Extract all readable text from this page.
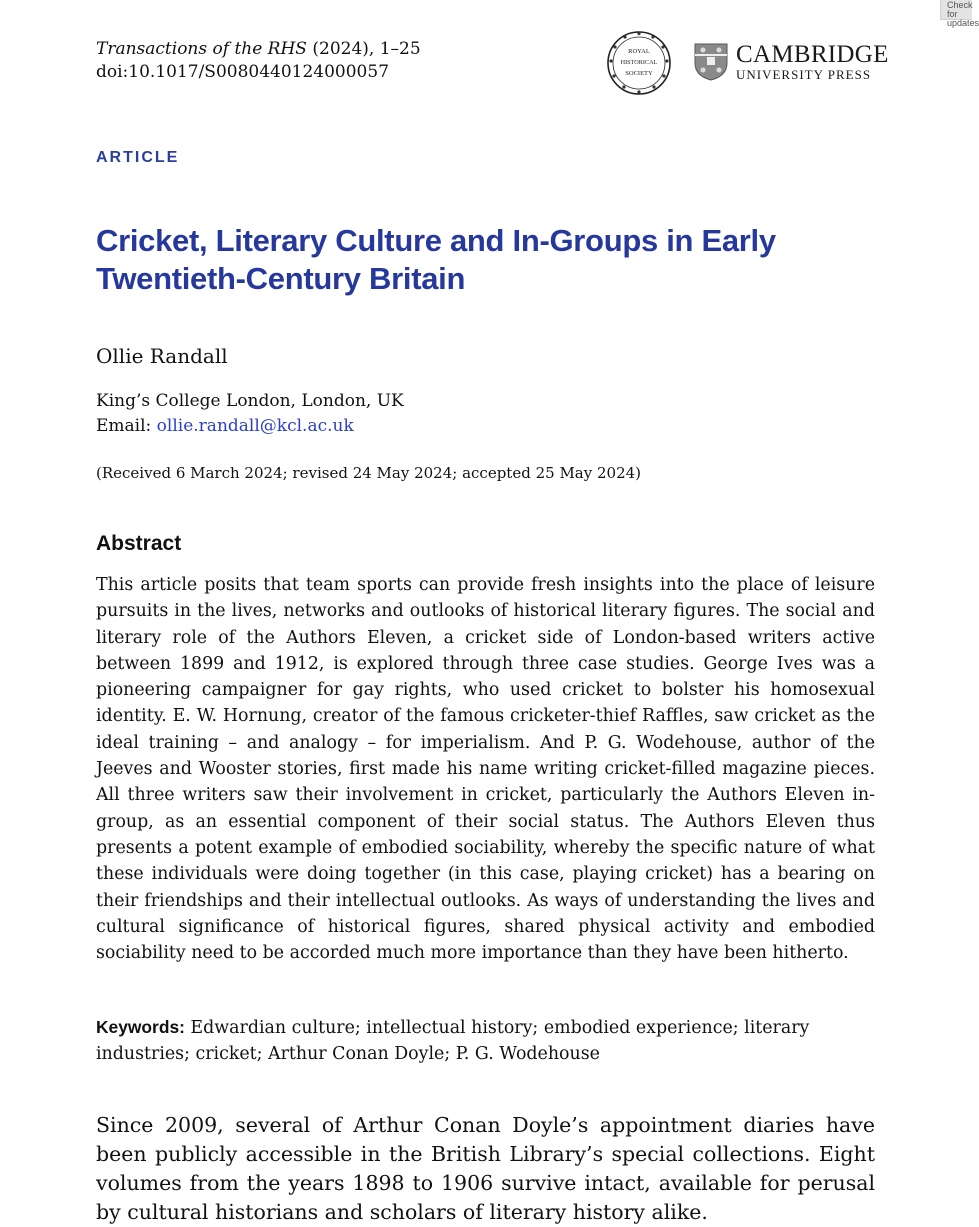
Transactions of the RHS (2024), 1–25
doi:10.1017/S0080440124000057
ROYAL
HISTORICAL
SOCIETY
CAMBRIDGE
UNIVERSITY PRESS
Check for updates
ARTICLE
Cricket, Literary Culture and In-Groups in Early Twentieth-Century Britain
Ollie Randall
King’s College London, London, UK
Email: ollie.randall@kcl.ac.uk
(Received 6 March 2024; revised 24 May 2024; accepted 25 May 2024)
Abstract
This article posits that team sports can provide fresh insights into the place of leisure pursuits in the lives, networks and outlooks of historical literary figures. The social and literary role of the Authors Eleven, a cricket side of London-based writers active between 1899 and 1912, is explored through three case studies. George Ives was a pioneering campaigner for gay rights, who used cricket to bolster his homosexual identity. E. W. Hornung, creator of the famous cricketer-thief Raffles, saw cricket as the ideal training – and analogy – for imperialism. And P. G. Wodehouse, author of the Jeeves and Wooster stories, first made his name writing cricket-filled magazine pieces. All three writers saw their involvement in cricket, particularly the Authors Eleven in-group, as an essential component of their social status. The Authors Eleven thus presents a potent example of embodied sociability, whereby the specific nature of what these individuals were doing together (in this case, playing cricket) has a bearing on their friendships and their intellectual outlooks. As ways of understanding the lives and cultural significance of historical figures, shared physical activity and embodied sociability need to be accorded much more importance than they have been hitherto.
Keywords: Edwardian culture; intellectual history; embodied experience; literary industries; cricket; Arthur Conan Doyle; P. G. Wodehouse
Since 2009, several of Arthur Conan Doyle’s appointment diaries have been publicly accessible in the British Library’s special collections. Eight volumes from the years 1898 to 1906 survive intact, available for perusal by cultural historians and scholars of literary history alike.
